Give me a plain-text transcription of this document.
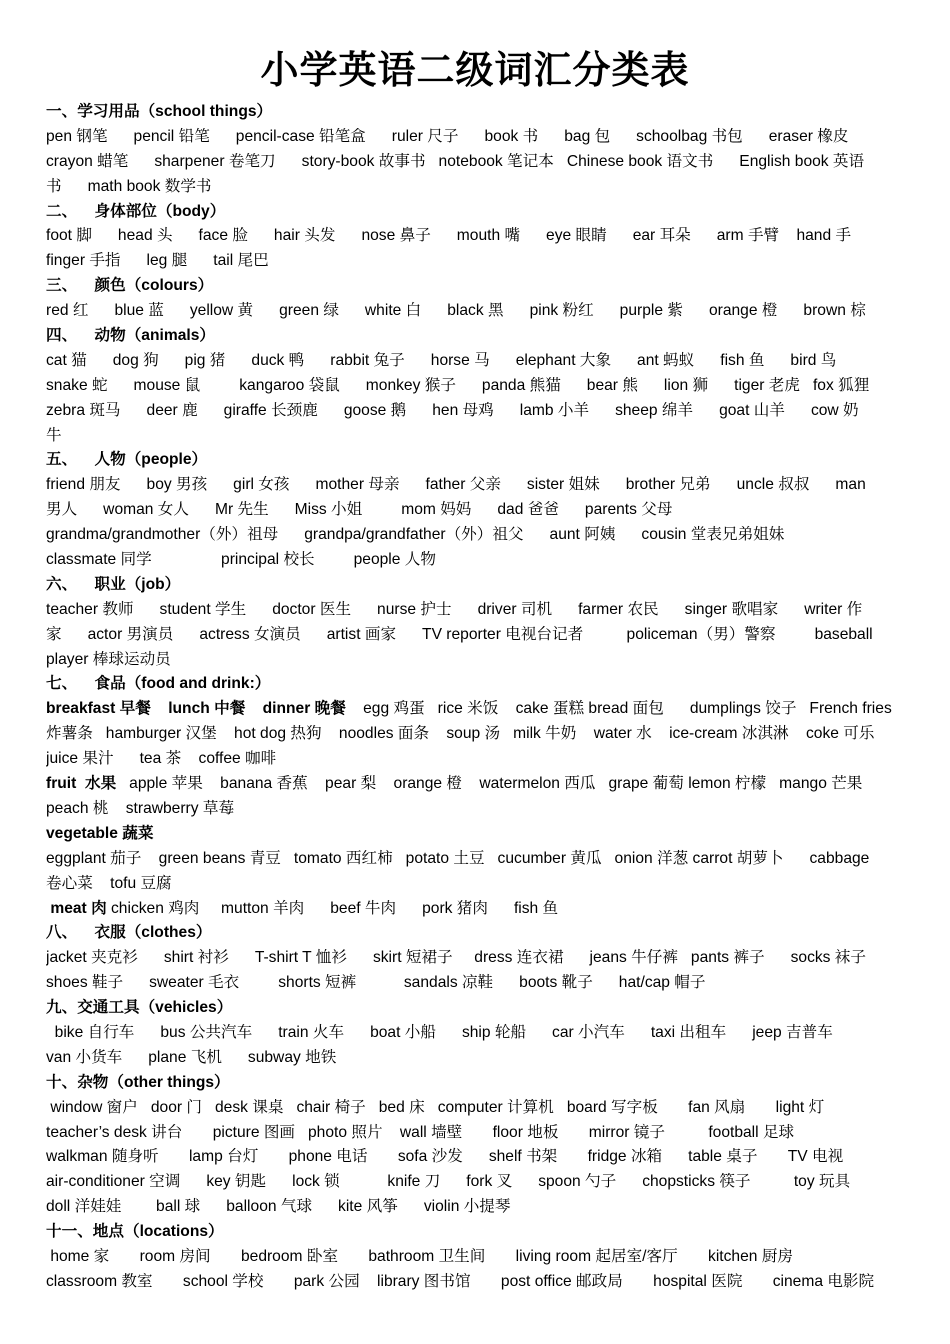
小学英语二级词汇分类表
一、学习用品（school things）
pen 钢笔      pencil 铅笔      pencil-case 铅笔盒      ruler 尺子      book 书      bag 包      schoolbag 书包      eraser 橡皮
crayon 蜡笔      sharpener 卷笔刀      story-book 故事书   notebook 笔记本   Chinese book 语文书      English book 英语
书      math book 数学书
二、    身体部位（body）
foot 脚      head 头      face 脸      hair 头发      nose 鼻子      mouth 嘴      eye 眼睛      ear 耳朵      arm 手臂    hand 手
finger 手指      leg 腿      tail 尾巴
三、    颜色（colours）
red 红      blue 蓝      yellow 黄      green 绿      white 白      black 黑      pink 粉红      purple 紫      orange 橙      brown 棕
四、    动物（animals）
cat 猫      dog 狗      pig 猪      duck 鸭      rabbit 兔子      horse 马      elephant 大象      ant 蚂蚁      fish 鱼      bird 鸟
snake 蛇      mouse 鼠         kangaroo 袋鼠      monkey 猴子      panda 熊猫      bear 熊      lion 狮      tiger 老虎   fox 狐狸
zebra 斑马      deer 鹿      giraffe 长颈鹿      goose 鹅      hen 母鸡      lamb 小羊      sheep 绵羊      goat 山羊      cow 奶
牛
五、    人物（people）
friend 朋友      boy 男孩      girl 女孩      mother 母亲      father 父亲      sister 姐妹      brother 兄弟      uncle 叔叔      man
男人      woman 女人      Mr 先生      Miss 小姐         mom 妈妈      dad 爸爸      parents 父母
grandma/grandmother（外）祖母      grandpa/grandfather（外）祖父      aunt 阿姨      cousin 堂表兄弟姐妹
classmate 同学                principal 校长         people 人物
六、    职业（job）
teacher 教师      student 学生      doctor 医生      nurse 护士      driver 司机      farmer 农民      singer 歌唱家      writer 作
家      actor 男演员      actress 女演员      artist 画家      TV reporter 电视台记者          policeman（男）警察         baseball
player 棒球运动员
七、    食品（food and drink:）
breakfast 早餐    lunch 中餐    dinner 晚餐    egg 鸡蛋   rice 米饭    cake 蛋糕 bread 面包      dumplings 饺子   French fries
炸薯条   hamburger 汉堡    hot dog 热狗    noodles 面条    soup 汤   milk 牛奶    water 水    ice-cream 冰淇淋    coke 可乐
juice 果汁      tea 茶    coffee 咖啡
fruit  水果   apple 苹果    banana 香蕉    pear 梨    orange 橙    watermelon 西瓜   grape 葡萄 lemon 柠檬   mango 芒果
peach 桃    strawberry 草莓
vegetable 蔬菜
eggplant 茄子    green beans 青豆   tomato 西红柿   potato 土豆   cucumber 黄瓜   onion 洋葱 carrot 胡萝卜      cabbage
卷心菜    tofu 豆腐
meat 肉 chicken 鸡肉     mutton 羊肉      beef 牛肉      pork 猪肉      fish 鱼
八、    衣服（clothes）
jacket 夹克衫      shirt 衬衫      T-shirt T 恤衫      skirt 短裙子     dress 连衣裙      jeans 牛仔裤   pants 裤子      socks 袜子
shoes 鞋子      sweater 毛衣         shorts 短裤           sandals 凉鞋      boots 靴子      hat/cap 帽子
九、交通工具（vehicles）
bike 自行车      bus 公共汽车      train 火车      boat 小船      ship 轮船      car 小汽车      taxi 出租车      jeep 吉普车
van 小货车      plane 飞机      subway 地铁
十、杂物（other things）
window 窗户   door 门   desk 课桌   chair 椅子   bed 床   computer 计算机   board 写字板       fan 风扇       light 灯
teacher’s desk 讲台       picture 图画   photo 照片    wall 墙壁       floor 地板       mirror 镜子          football 足球
walkman 随身听       lamp 台灯       phone 电话       sofa 沙发      shelf 书架       fridge 冰箱      table 桌子       TV 电视
air-conditioner 空调      key 钥匙      lock 锁           knife 刀      fork 叉      spoon 勺子      chopsticks 筷子          toy 玩具
doll 洋娃娃        ball 球      balloon 气球      kite 风筝      violin 小提琴
十一、地点（locations）
home 家       room 房间       bedroom 卧室       bathroom 卫生间       living room 起居室/客厅       kitchen 厨房
classroom 教室       school 学校       park 公园    library 图书馆       post office 邮政局       hospital 医院       cinema 电影院
